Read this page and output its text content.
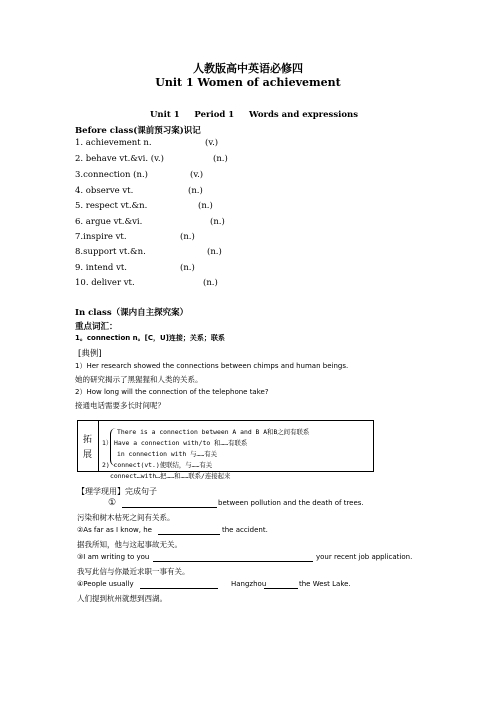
人教版高中英语必修四
Unit 1 Women of achievement
Unit 1     Period 1     Words and expressions
Before class(课前预习案)识记
1. achievement n.	(v.)
2. behave vt.&vi. (v.)	(n.)
3.connection (n.)	(v.)
4. observe vt.	(n.)
5. respect vt.&n.	(n.)
6. argue vt.&vi.	(n.)
7.inspire vt.	(n.)
8.support vt.&n.	(n.)
9. intend vt.	(n.)
10. deliver vt.	(n.)
In class（课内自主探究案）
重点词汇：
1。connection n。[C，U]连接；关系；联系
[典例]
1）Her research showed the connections between chimps and human beings.
她的研究揭示了黑猩猩和人类的关系。
2）How long will the connection of the telephone take?
接通电话需要多长时间呢？
拓
展
There is a connection between A and B A和B之间有联系
1） Have a connection with/to 和……有联系
in connection with 与……有关
2) connect(vt.)使联结，与……有关
connect…with…把……和……联系/连接起来
【理学现用】完成句子
①	between pollution and the death of trees.
污染和树木枯死之间有关系。
②As far as I know, he	the accident.
据我所知，他与这起事故无关。
③I am writing to you	your recent job application.
我写此信与你最近求职一事有关。
④People usually	Hangzhou	the West Lake.
人们提到杭州就想到西湖。
